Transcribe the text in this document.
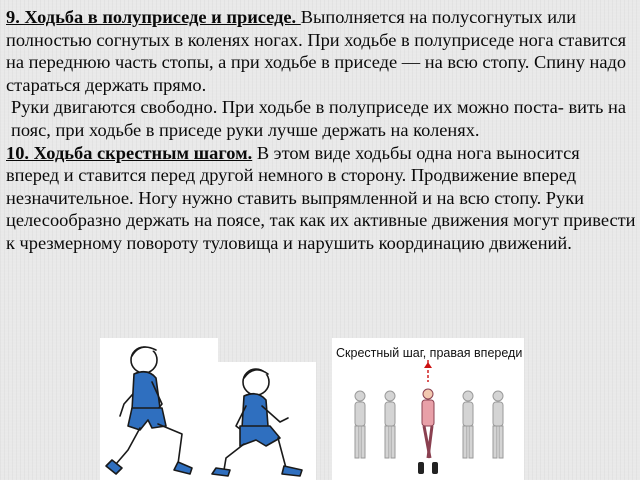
9. Ходьба в полуприседе и приседе. Выполняется на полусогнутых или полностью согнутых в коленях ногах. При ходьбе в полуприседе нога ставится на переднюю часть стопы, а при ходьбе в приседе — на всю стопу. Спину надо стараться держать прямо.

Руки двигаются свободно. При ходьбе в полуприседе их можно поста- вить на пояс, при ходьбе в приседе руки лучше держать на коленях.

10. Ходьба скрестным шагом. В этом виде ходьбы одна нога выносится вперед и ставится перед другой немного в сторону. Продвижение вперед незначительное. Ногу нужно ставить выпрямленной и на всю стопу. Руки целесообразно держать на поясе, так как их активные движения могут привести к чрезмерному повороту туловища и нарушить координацию движений.

Скрестный шаг, правая впереди
